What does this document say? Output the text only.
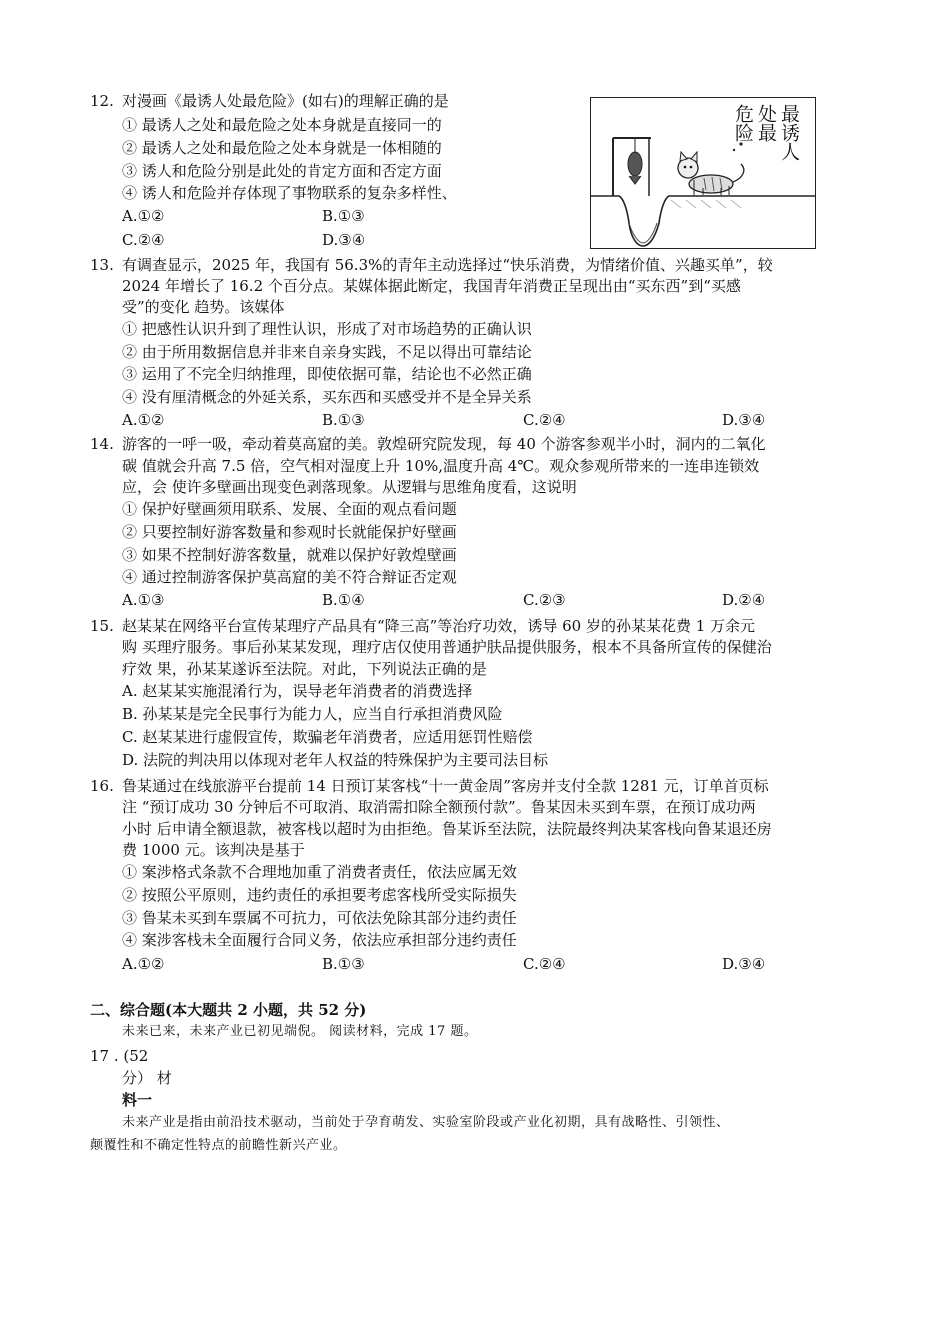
12. 对漫画《最诱人处最危险》(如右)的理解正确的是
① 最诱人之处和最危险之处本身就是直接同一的
② 最诱人之处和最危险之处本身就是一体相随的
③ 诱人和危险分别是此处的肯定方面和否定方面
④ 诱人和危险并存体现了事物联系的复杂多样性、
A.①②	B.①③
C.②④	D.③④
最诱人
处最
危险
13. 有调查显示，2025 年，我国有 56.3%的青年主动选择过“快乐消费，为情绪价值、兴趣买单”，较
2024 年增长了 16.2 个百分点。某媒体据此断定，我国青年消费正呈现出由“买东西”到“买感
受”的变化 趋势。该媒体
① 把感性认识升到了理性认识，形成了对市场趋势的正确认识
② 由于所用数据信息并非来自亲身实践，不足以得出可靠结论
③ 运用了不完全归纳推理，即使依据可靠，结论也不必然正确
④ 没有厘清概念的外延关系，买东西和买感受并不是全异关系
A.①②	B.①③	C.②④	D.③④
14. 游客的一呼一吸，牵动着莫高窟的美。敦煌研究院发现，每 40 个游客参观半小时，洞内的二氧化
碳 值就会升高 7.5 倍，空气相对湿度上升 10%,温度升高 4℃。观众参观所带来的一连串连锁效
应，会 使许多壁画出现变色剥落现象。从逻辑与思维角度看，这说明
① 保护好壁画须用联系、发展、全面的观点看问题
② 只要控制好游客数量和参观时长就能保护好壁画
③ 如果不控制好游客数量，就难以保护好敦煌壁画
④ 通过控制游客保护莫高窟的美不符合辩证否定观
A.①③	B.①④	C.②③	D.②④
15. 赵某某在网络平台宣传某理疗产品具有“降三高”等治疗功效，诱导 60 岁的孙某某花费 1 万余元
购 买理疗服务。事后孙某某发现，理疗店仅使用普通护肤品提供服务，根本不具备所宣传的保健治
疗效 果，孙某某遂诉至法院。对此，下列说法正确的是
A. 赵某某实施混淆行为，误导老年消费者的消费选择
B. 孙某某是完全民事行为能力人，应当自行承担消费风险
C. 赵某某进行虚假宣传，欺骗老年消费者，应适用惩罚性赔偿
D. 法院的判决用以体现对老年人权益的特殊保护为主要司法目标
16. 鲁某通过在线旅游平台提前 14 日预订某客栈“十一黄金周”客房并支付全款 1281 元，订单首页标
注 “预订成功 30 分钟后不可取消、取消需扣除全额预付款”。鲁某因未买到车票，在预订成功两
小时 后申请全额退款，被客栈以超时为由拒绝。鲁某诉至法院，法院最终判决某客栈向鲁某退还房
费 1000 元。该判决是基于
① 案涉格式条款不合理地加重了消费者责任，依法应属无效
② 按照公平原则，违约责任的承担要考虑客栈所受实际损失
③ 鲁某未买到车票属不可抗力，可依法免除其部分违约责任
④ 案涉客栈未全面履行合同义务，依法应承担部分违约责任
A.①②	B.①③	C.②④	D.③④
二、综合题(本大题共 2 小题，共 52 分)
未来已来，未来产业已初见端倪。 阅读材料，完成 17 题。
17 . (52
分） 材
料一
未来产业是指由前沿技术驱动，当前处于孕育萌发、实验室阶段或产业化初期，具有战略性、引领性、
颠覆性和不确定性特点的前瞻性新兴产业。
